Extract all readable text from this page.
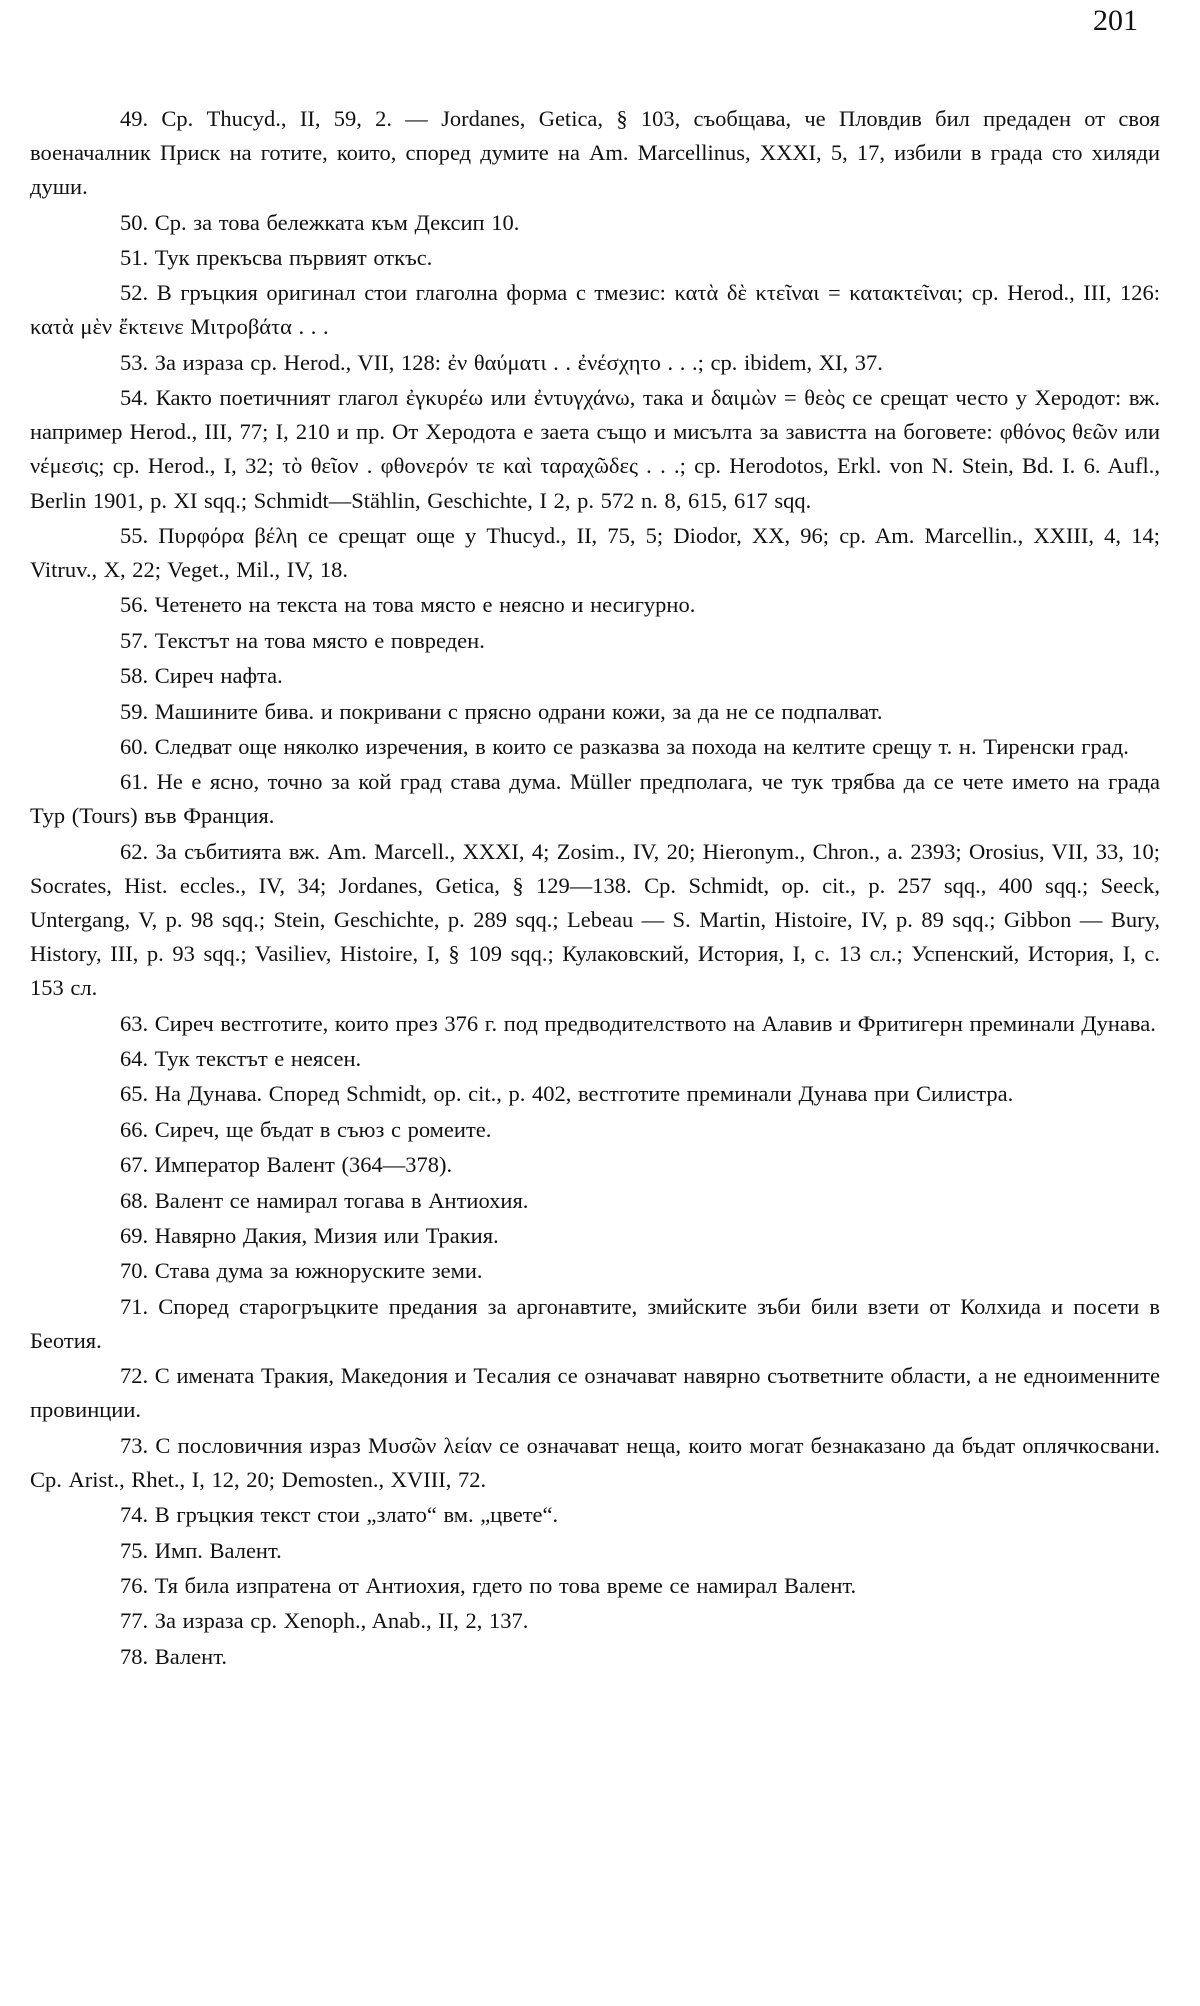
201

49. Ср. Thucyd., II, 59, 2. — Jordanes, Getica, § 103, съобщава, че Пловдив бил предаден от своя военачалник Приск на готите, които, според думите на Am. Marcellinus, XXXI, 5, 17, избили в града сто хиляди души.

50. Ср. за това бележката към Дексип 10.

51. Тук прекъсва първият откъс.

52. В гръцкия оригинал стои глаголна форма с тмезис: κατὰ δὲ κτεῖναι = κατακτεῖναι; ср. Herod., III, 126: κατὰ μὲν ἔκτεινε Μιτροβάτα . . .

53. За израза ср. Herod., VII, 128: ἐν θαύματι . . ἐνέσχητο . . .; ср. ibidem, XI, 37.

54. Както поетичният глагол ἐγκυρέω или ἐντυγχάνω, така и δαιμὼν = θεὸς се срещат често у Херодот: вж. например Herod., III, 77; I, 210 и пр. От Херодота е заета също и мисълта за завистта на боговете: φθόνος θεῶν или νέμεσις; ср. Herod., I, 32; τὸ θεῖον . φθονερόν τε καὶ ταραχῶδες . . .; ср. Herodotos, Erkl. von N. Stein, Bd. I. 6. Aufl., Berlin 1901, p. XI sqq.; Schmidt—Stählin, Geschichte, I 2, p. 572 n. 8, 615, 617 sqq.

55. Πυρφόρα βέλη се срещат още у Thucyd., II, 75, 5; Diodor, XX, 96; cp. Am. Marcellin., XXIII, 4, 14; Vitruv., X, 22; Veget., Mil., IV, 18.

56. Четенето на текста на това място е неясно и несигурно.

57. Текстът на това място е повреден.

58. Сиреч нафта.

59. Машините бива. и покривани с прясно одрани кожи, за да не се подпалват.

60. Следват още няколко изречения, в които се разказва за похода на келтите срещу т. н. Тиренски град.

61. Не е ясно, точно за кой град става дума. Müller предполага, че тук трябва да се чете името на града Тур (Tours) във Франция.

62. За събитията вж. Am. Marcell., XXXI, 4; Zosim., IV, 20; Hieronym., Chron., a. 2393; Orosius, VII, 33, 10; Socrates, Hist. eccles., IV, 34; Jordanes, Getica, § 129—138. Ср. Schmidt, op. cit., p. 257 sqq., 400 sqq.; Seeck, Untergang, V, p. 98 sqq.; Stein, Geschichte, p. 289 sqq.; Lebeau — S. Martin, Histoire, IV, p. 89 sqq.; Gibbon — Bury, History, III, p. 93 sqq.; Vasiliev, Histoire, I, § 109 sqq.; Кулаковский, История, I, с. 13 сл.; Успенский, История, I, с. 153 сл.

63. Сиреч вестготите, които през 376 г. под предводителството на Алавив и Фритигерн преминали Дунава.

64. Тук текстът е неясен.

65. На Дунава. Според Schmidt, op. cit., p. 402, вестготите преминали Дунава при Силистра.

66. Сиреч, ще бъдат в съюз с ромеите.

67. Император Валент (364—378).

68. Валент се намирал тогава в Антиохия.

69. Навярно Дакия, Мизия или Тракия.

70. Става дума за южноруските земи.

71. Според старогръцките предания за аргонавтите, змийските зъби били взети от Колхида и посети в Беотия.

72. С имената Тракия, Македония и Тесалия се означават навярно съответните области, а не едноименните провинции.

73. С пословичния израз Μυσῶν λείαν се означават неща, които могат безнаказано да бъдат оплячкосвани. Ср. Arist., Rhet., I, 12, 20; Demosten., XVIII, 72.

74. В гръцкия текст стои „злато“ вм. „цвете“.

75. Имп. Валент.

76. Тя била изпратена от Антиохия, гдето по това време се намирал Валент.

77. За израза ср. Xenoph., Anab., II, 2, 137.

78. Валент.
